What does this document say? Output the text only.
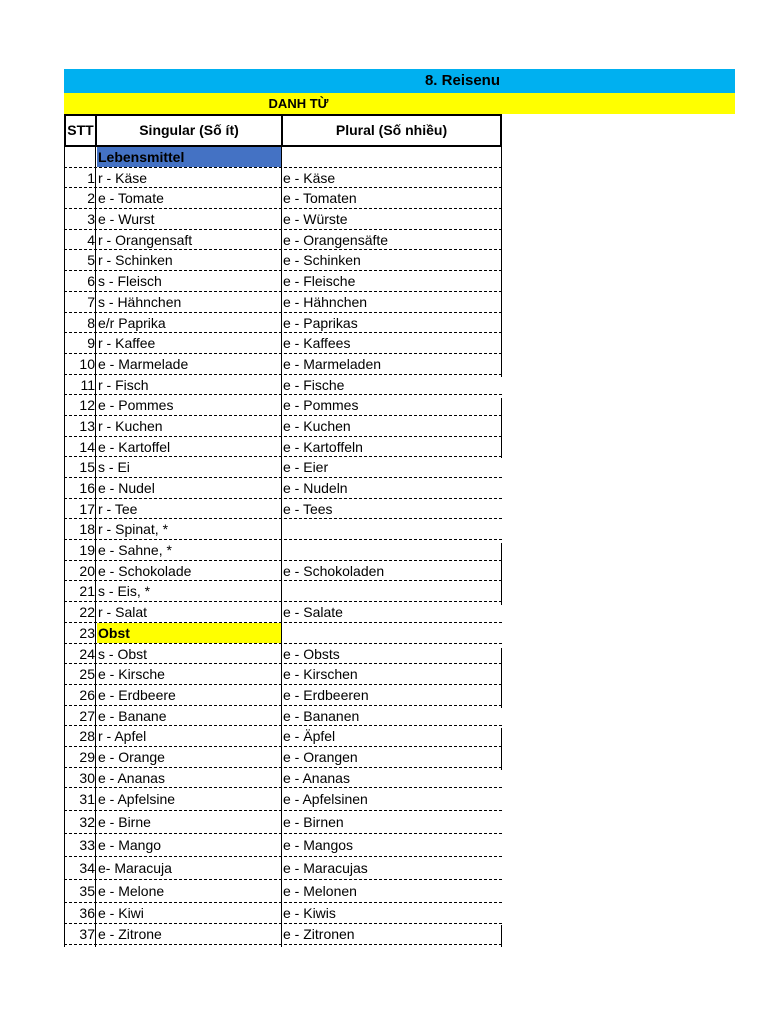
8. Reisenu
DANH TỪ
STT	Singular (Số ít)	Plural (Số nhiều)
Lebensmittel
1 r - Käse	e - Käse
2 e - Tomate	e - Tomaten
3 e - Wurst	e - Würste
4 r - Orangensaft	e - Orangensäfte
5 r - Schinken	e - Schinken
6 s - Fleisch	e - Fleische
7 s - Hähnchen	e - Hähnchen
8 e/r Paprika	e - Paprikas
9 r - Kaffee	e - Kaffees
10 e - Marmelade	e - Marmeladen
11 r - Fisch	e - Fische
12 e - Pommes	e - Pommes
13 r - Kuchen	e - Kuchen
14 e - Kartoffel	e - Kartoffeln
15 s - Ei	e - Eier
16 e - Nudel	e - Nudeln
17 r - Tee	e - Tees
18 r - Spinat, *
19 e - Sahne, *
20 e - Schokolade	e - Schokoladen
21 s - Eis, *
22 r - Salat	e - Salate
23 Obst
24 s - Obst	e - Obsts
25 e - Kirsche	e - Kirschen
26 e - Erdbeere	e - Erdbeeren
27 e - Banane	e - Bananen
28 r - Apfel	e - Äpfel
29 e - Orange	e - Orangen
30 e - Ananas	e - Ananas
31 e - Apfelsine	e - Apfelsinen
32 e - Birne	e - Birnen
33 e - Mango	e - Mangos
34 e- Maracuja	e - Maracujas
35 e - Melone	e - Melonen
36 e - Kiwi	e - Kiwis
37 e - Zitrone	e - Zitronen
